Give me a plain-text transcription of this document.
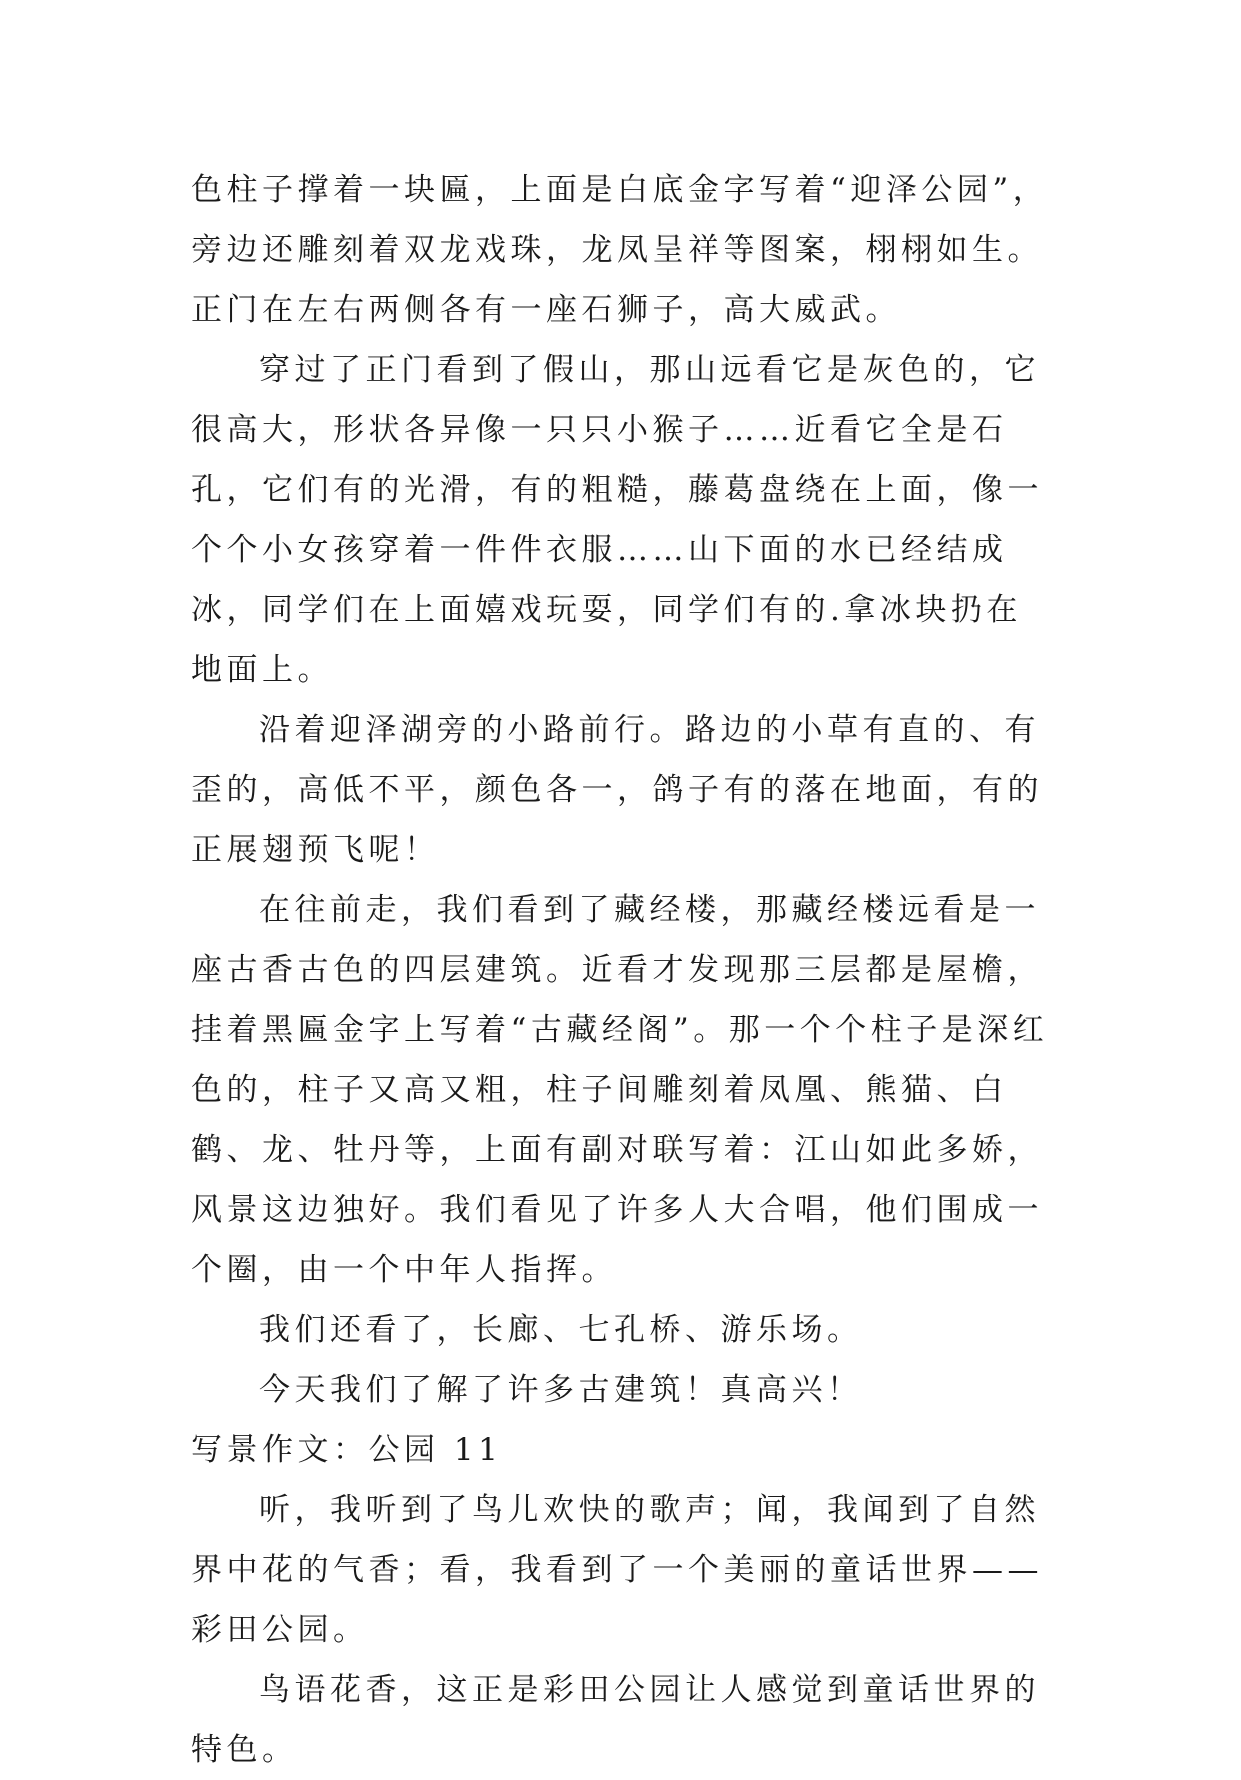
色柱子撑着一块匾，上面是白底金字写着“迎泽公园”，旁边还雕刻着双龙戏珠，龙凤呈祥等图案，栩栩如生。正门在左右两侧各有一座石狮子，高大威武。

穿过了正门看到了假山，那山远看它是灰色的，它很高大，形状各异像一只只小猴子……近看它全是石孔，它们有的光滑，有的粗糙，藤葛盘绕在上面，像一个个小女孩穿着一件件衣服……山下面的水已经结成冰，同学们在上面嬉戏玩耍，同学们有的.拿冰块扔在地面上。

沿着迎泽湖旁的小路前行。路边的小草有直的、有歪的，高低不平，颜色各一，鸽子有的落在地面，有的正展翅预飞呢！

在往前走，我们看到了藏经楼，那藏经楼远看是一座古香古色的四层建筑。近看才发现那三层都是屋檐，挂着黑匾金字上写着“古藏经阁”。那一个个柱子是深红色的，柱子又高又粗，柱子间雕刻着凤凰、熊猫、白鹤、龙、牡丹等，上面有副对联写着：江山如此多娇，风景这边独好。我们看见了许多人大合唱，他们围成一个圈，由一个中年人指挥。

我们还看了，长廊、七孔桥、游乐场。

今天我们了解了许多古建筑！真高兴！

写景作文：公园 11

听，我听到了鸟儿欢快的歌声；闻，我闻到了自然界中花的气香；看，我看到了一个美丽的童话世界——彩田公园。

鸟语花香，这正是彩田公园让人感觉到童话世界的特色。
